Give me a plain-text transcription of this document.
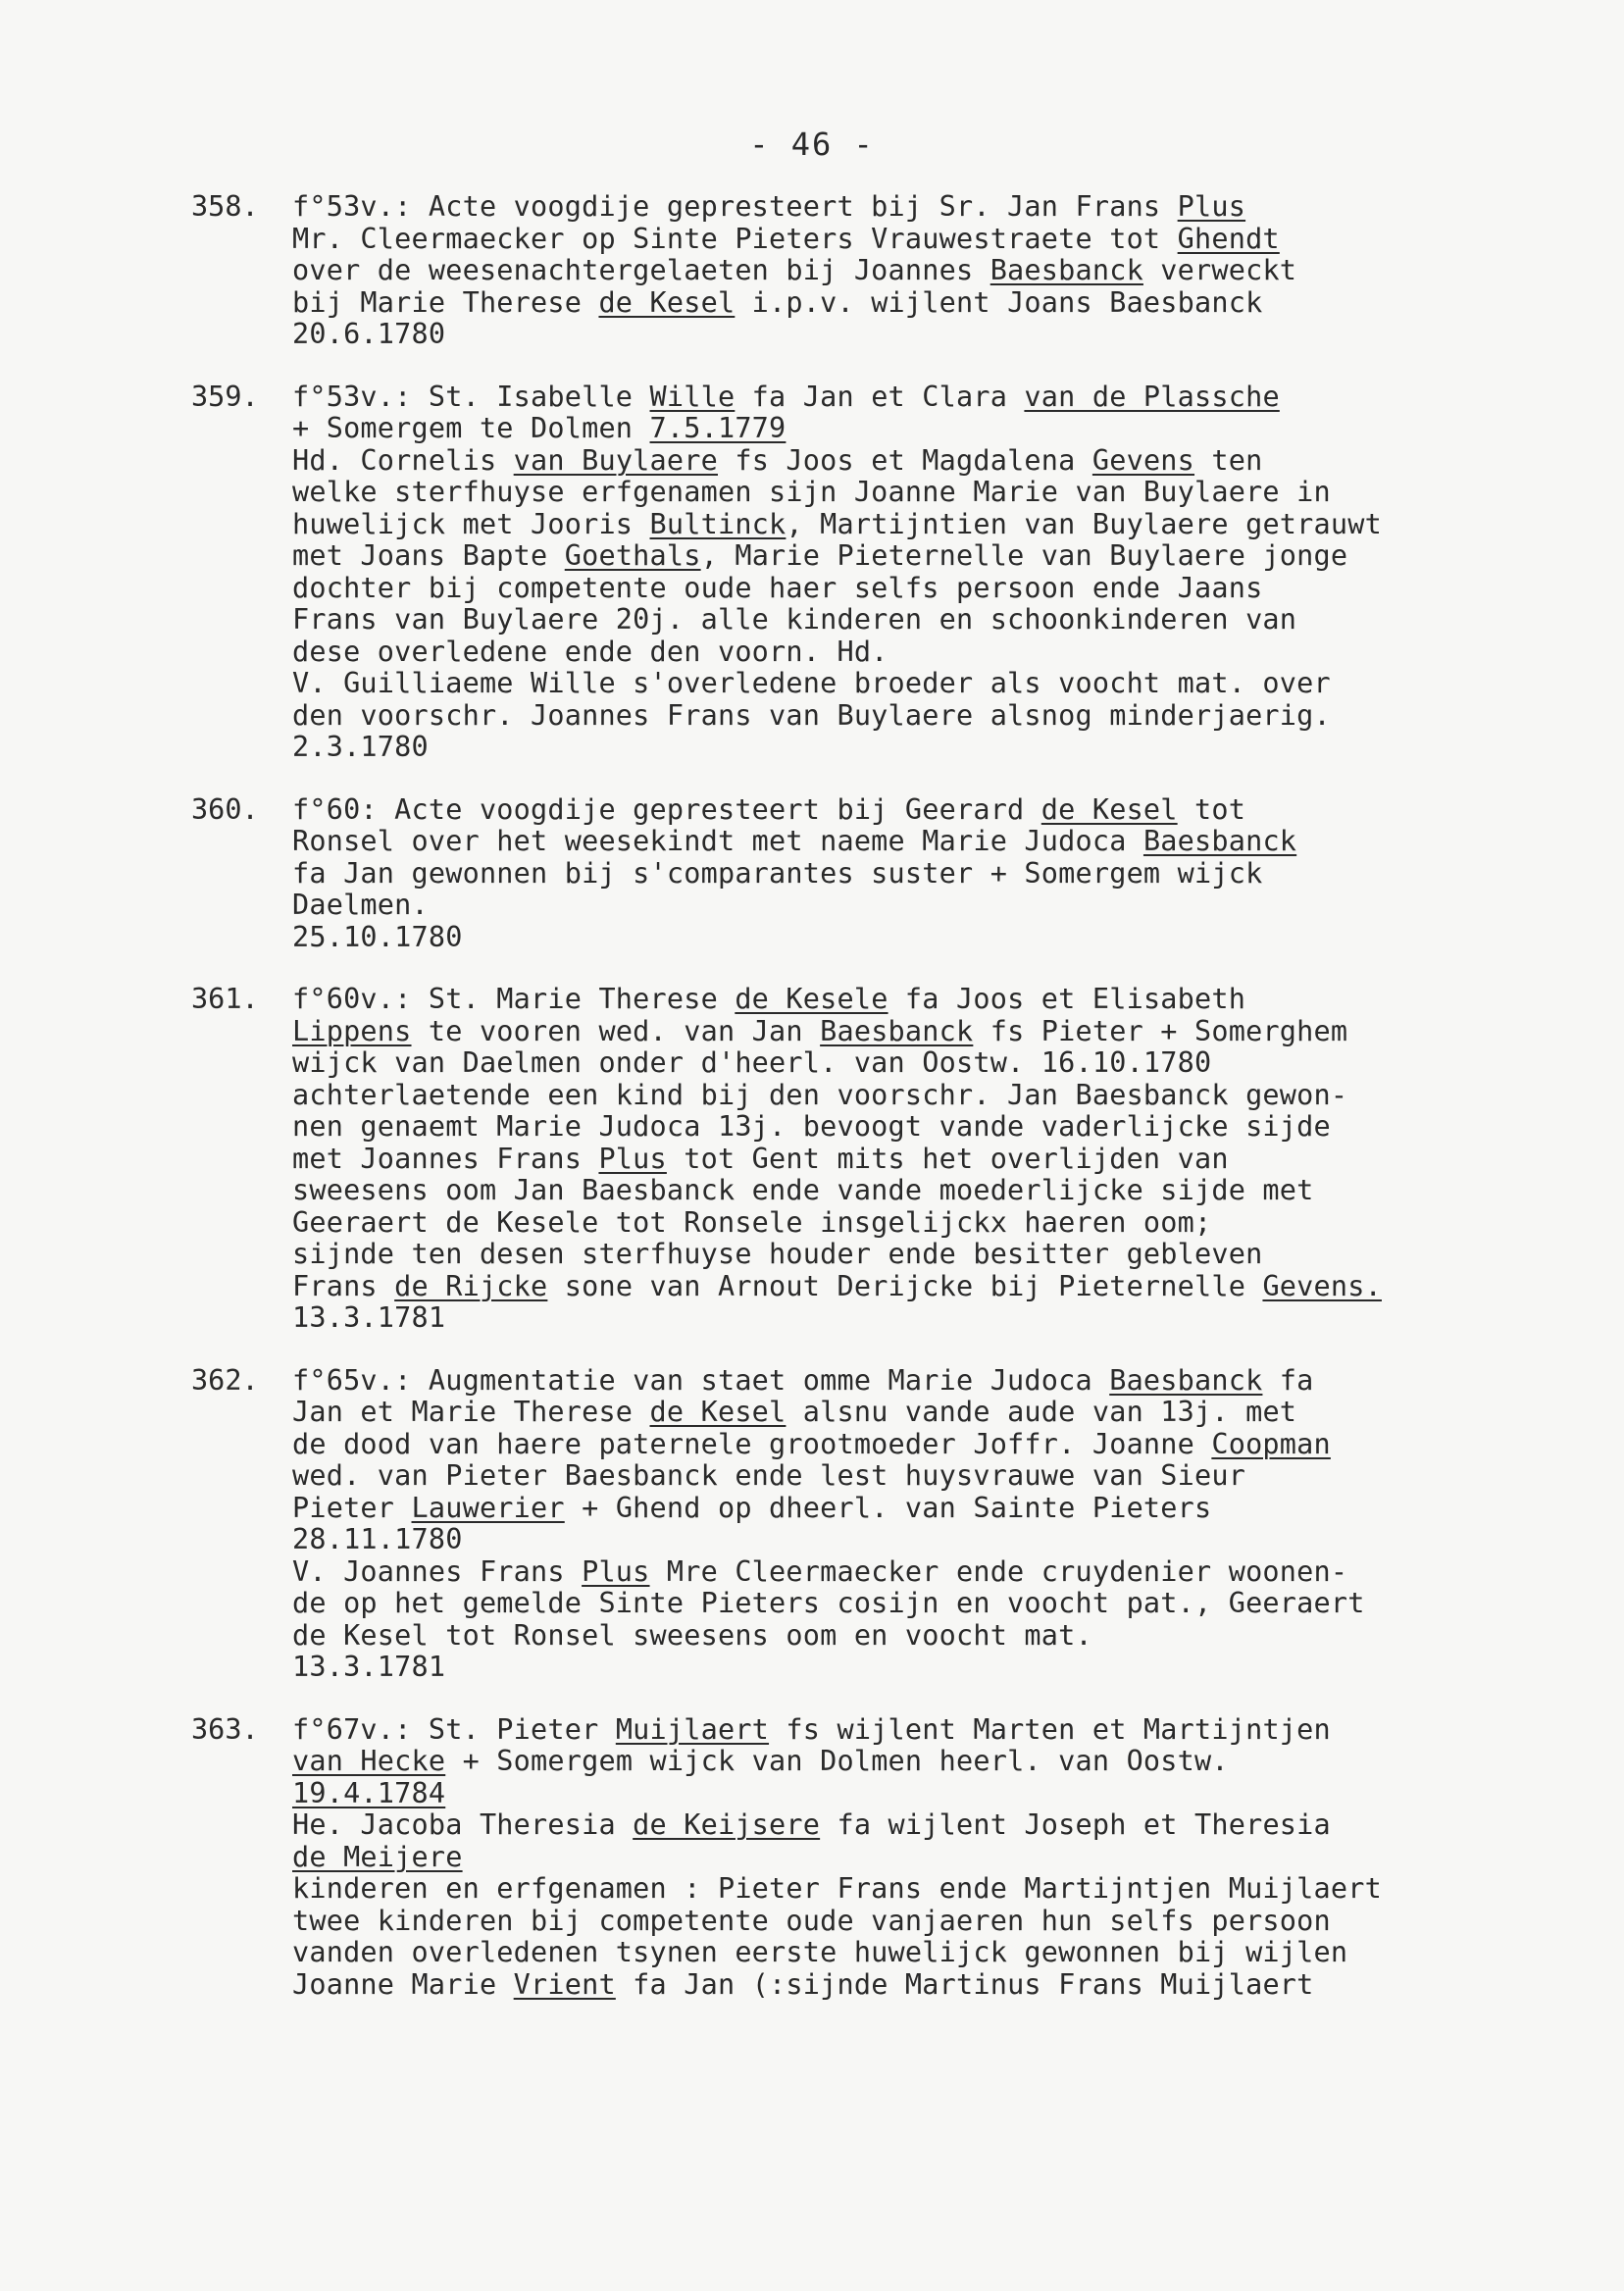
- 46 -
358. f°53v.: Acte voogdije gepresteert bij Sr. Jan Frans Plus
Mr. Cleermaecker op Sinte Pieters Vrauwestraete tot Ghendt
over de weesenachtergelaeten bij Joannes Baesbanck verweckt
bij Marie Therese de Kesel i.p.v. wijlent Joans Baesbanck
20.6.1780
359. f°53v.: St. Isabelle Wille fa Jan et Clara van de Plassche
+ Somergem te Dolmen 7.5.1779
Hd. Cornelis van Buylaere fs Joos et Magdalena Gevens ten
welke sterfhuyse erfgenamen sijn Joanne Marie van Buylaere in
huwelijck met Jooris Bultinck, Martijntien van Buylaere getrauwt
met Joans Bapte Goethals, Marie Pieternelle van Buylaere jonge
dochter bij competente oude haer selfs persoon ende Jaans
Frans van Buylaere 20j. alle kinderen en schoonkinderen van
dese overledene ende den voorn. Hd.
V. Guilliaeme Wille s'overledene broeder als voocht mat. over
den voorschr. Joannes Frans van Buylaere alsnog minderjaerig.
2.3.1780
360. f°60: Acte voogdije gepresteert bij Geerard de Kesel tot
Ronsel over het weesekindt met naeme Marie Judoca Baesbanck
fa Jan gewonnen bij s'comparantes suster + Somergem wijck
Daelmen.
25.10.1780
361. f°60v.: St. Marie Therese de Kesele fa Joos et Elisabeth
Lippens te vooren wed. van Jan Baesbanck fs Pieter + Somerghem
wijck van Daelmen onder d'heerl. van Oostw. 16.10.1780
achterlaetende een kind bij den voorschr. Jan Baesbanck gewon-
nen genaemt Marie Judoca 13j. bevoogt vande vaderlijcke sijde
met Joannes Frans Plus tot Gent mits het overlijden van
sweesens oom Jan Baesbanck ende vande moederlijcke sijde met
Geeraert de Kesele tot Ronsele insgelijckx haeren oom;
sijnde ten desen sterfhuyse houder ende besitter gebleven
Frans de Rijcke sone van Arnout Derijcke bij Pieternelle Gevens.
13.3.1781
362. f°65v.: Augmentatie van staet omme Marie Judoca Baesbanck fa
Jan et Marie Therese de Kesel alsnu vande aude van 13j. met
de dood van haere paternele grootmoeder Joffr. Joanne Coopman
wed. van Pieter Baesbanck ende lest huysvrauwe van Sieur
Pieter Lauwerier + Ghend op dheerl. van Sainte Pieters
28.11.1780
V. Joannes Frans Plus Mre Cleermaecker ende cruydenier woonen-
de op het gemelde Sinte Pieters cosijn en voocht pat., Geeraert
de Kesel tot Ronsel sweesens oom en voocht mat.
13.3.1781
363. f°67v.: St. Pieter Muijlaert fs wijlent Marten et Martijntjen
van Hecke + Somergem wijck van Dolmen heerl. van Oostw.
19.4.1784
He. Jacoba Theresia de Keijsere fa wijlent Joseph et Theresia
de Meijere
kinderen en erfgenamen : Pieter Frans ende Martijntjen Muijlaert
twee kinderen bij competente oude vanjaeren hun selfs persoon
vanden overledenen tsynen eerste huwelijck gewonnen bij wijlen
Joanne Marie Vrient fa Jan (:sijnde Martinus Frans Muijlaert
